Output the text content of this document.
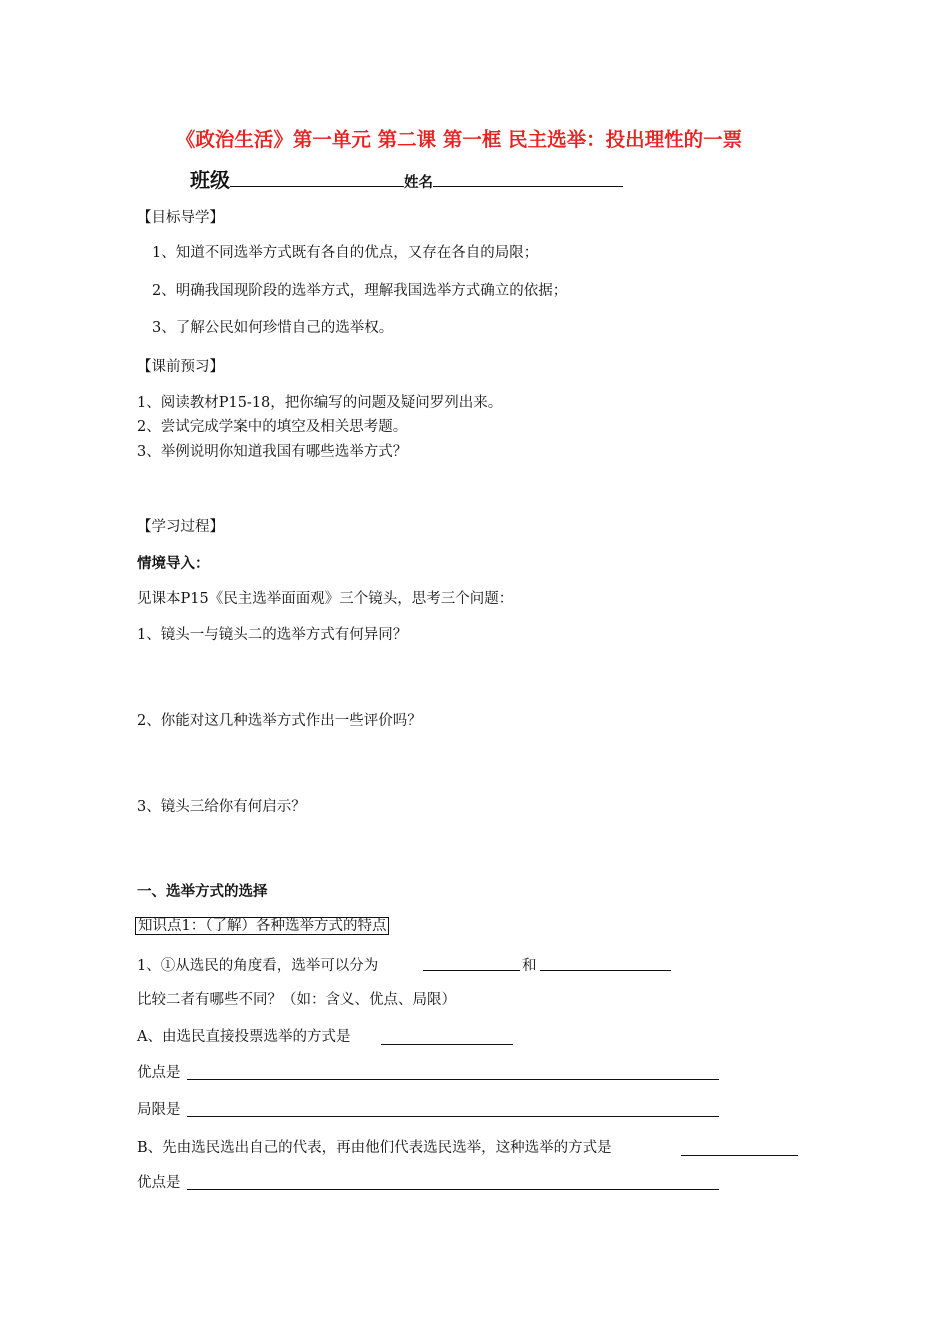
《政治生活》第一单元 第二课 第一框 民主选举：投出理性的一票
班级	姓名
【目标导学】
1、知道不同选举方式既有各自的优点，又存在各自的局限；
2、明确我国现阶段的选举方式，理解我国选举方式确立的依据；
3、了解公民如何珍惜自己的选举权。
【课前预习】
1、阅读教材P15-18，把你编写的问题及疑问罗列出来。
2、尝试完成学案中的填空及相关思考题。
3、举例说明你知道我国有哪些选举方式？
【学习过程】
情境导入：
见课本P15《民主选举面面观》三个镜头，思考三个问题：
1、镜头一与镜头二的选举方式有何异同？
2、你能对这几种选举方式作出一些评价吗？
3、镜头三给你有何启示？
一、选举方式的选择
知识点1：（了解）各种选举方式的特点
1、①从选民的角度看，选举可以分为	和
比较二者有哪些不同？（如：含义、优点、局限）
A、由选民直接投票选举的方式是
优点是
局限是
B、先由选民选出自己的代表，再由他们代表选民选举，这种选举的方式是
优点是
